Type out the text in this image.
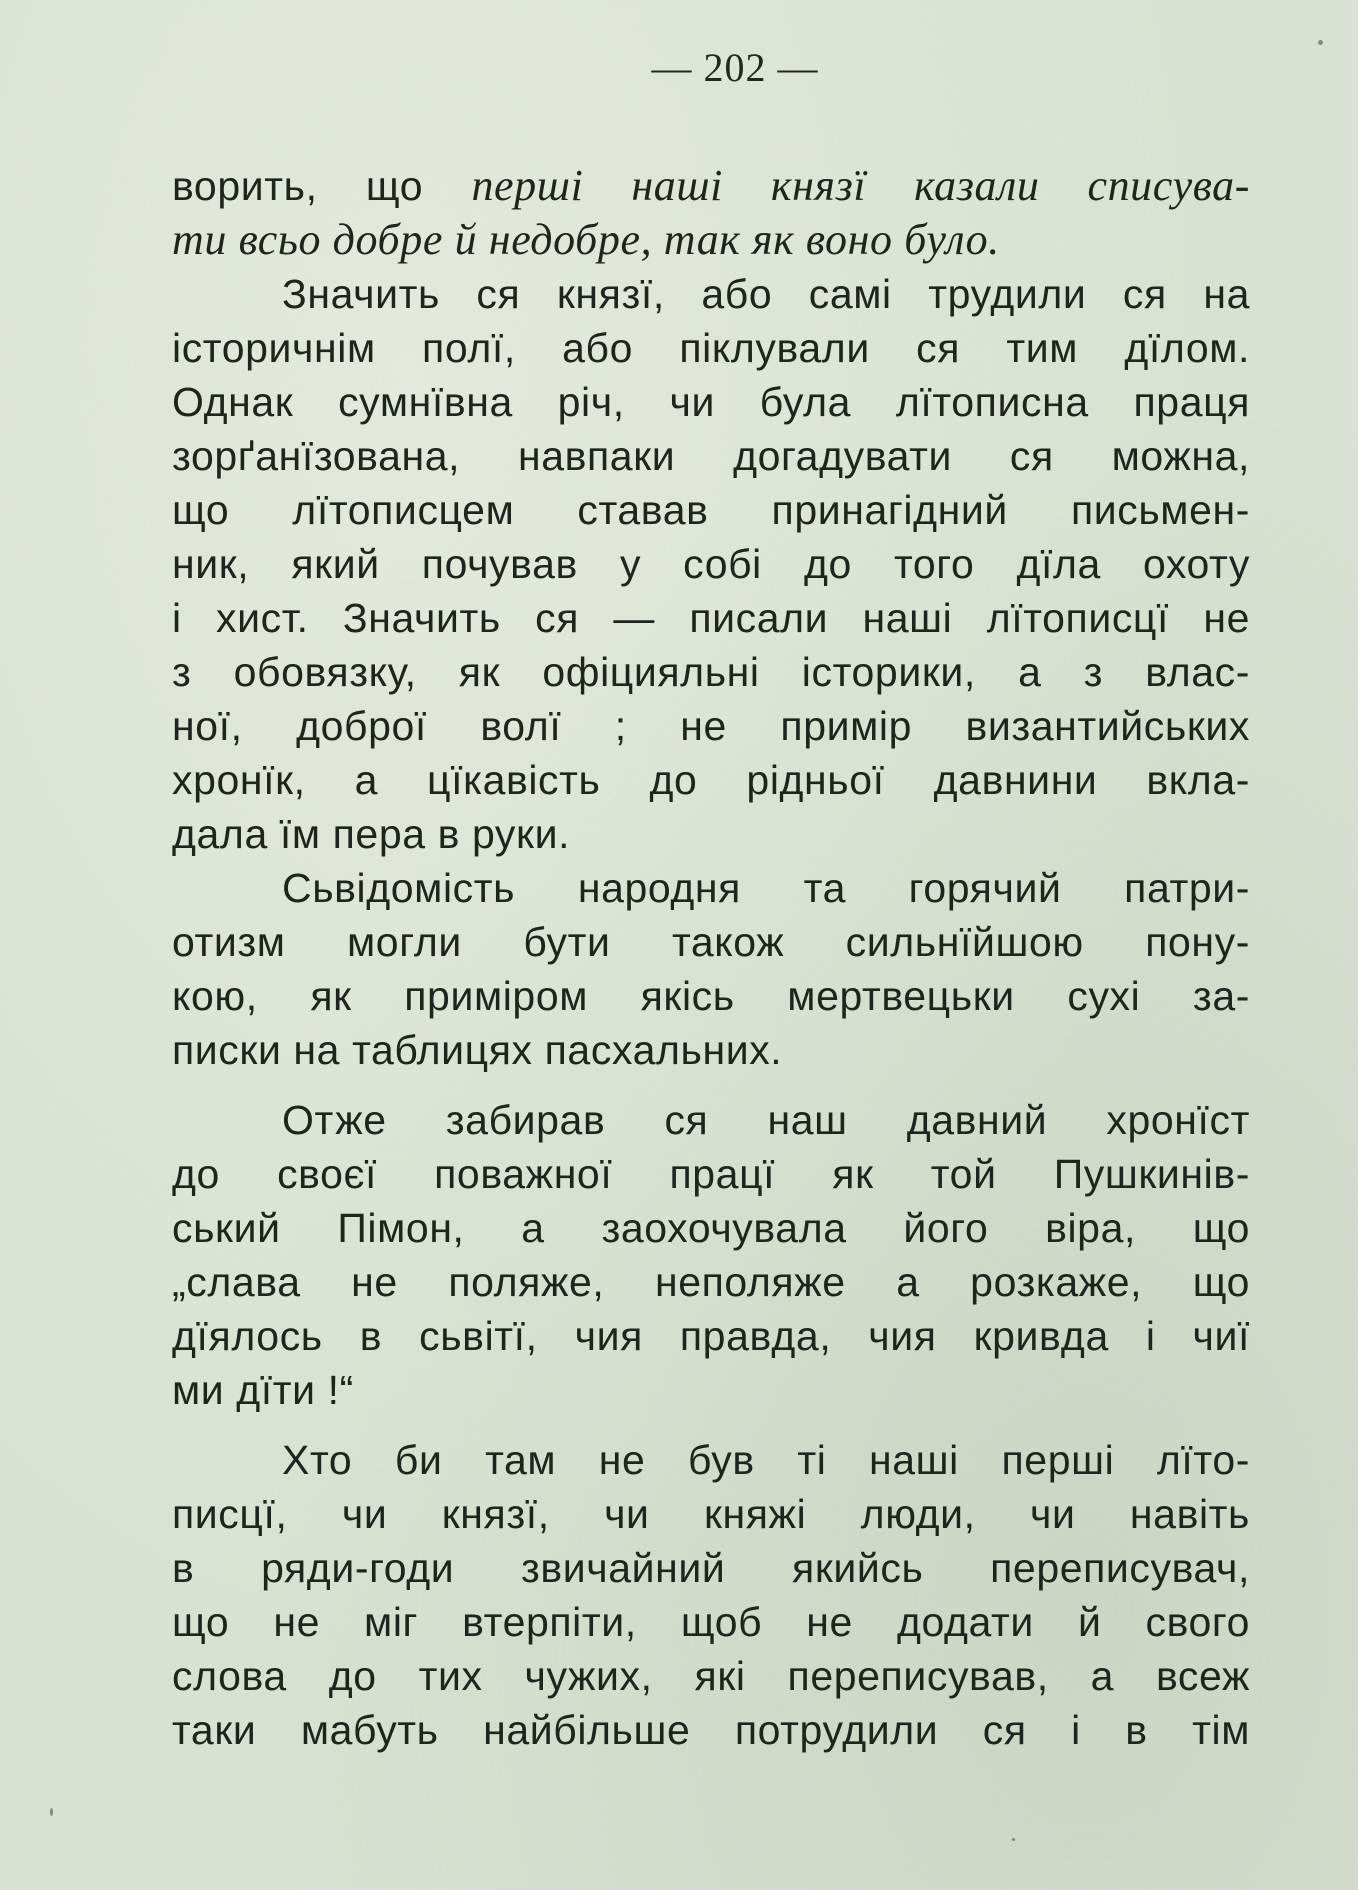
— 202 —
ворить, що перші наші князї казали списува-
ти всьо добре й недобре, так як воно було.
Значить ся князї, або самі трудили ся на
історичнім полї, або піклували ся тим дїлом.
Однак сумнївна річ, чи була лїтописна праця
зорґанїзована, навпаки догадувати ся можна,
що лїтописцем ставав принагідний письмен-
ник, який почував у собі до того дїла охоту
і хист. Значить ся — писали наші лїтописцї не
з обовязку, як офіцияльні історики, а з влас-
ної, доброї волї ; не примір византийських
хронїк, а цїкавість до рідньої давнини вкла-
дала їм пера в руки.
Сьвідомість народня та горячий патри-
отизм могли бути також сильнїйшою пону-
кою, як приміром якісь мертвецьки сухі за-
писки на таблицях пасхальних.
Отже забирав ся наш давний хронїст
до своєї поважної працї як той Пушкинів-
ський Пімон, а заохочувала його віра, що
„слава не поляже, неполяже а розкаже, що
дїялось в сьвітї, чия правда, чия кривда і чиї
ми дїти !“
Хто би там не був ті наші перші лїто-
писцї, чи князї, чи княжі люди, чи навіть
в ряди-годи звичайний якийсь переписувач,
що не міг втерпіти, щоб не додати й свого
слова до тих чужих, які переписував, а всеж
таки мабуть найбільше потрудили ся і в тім
